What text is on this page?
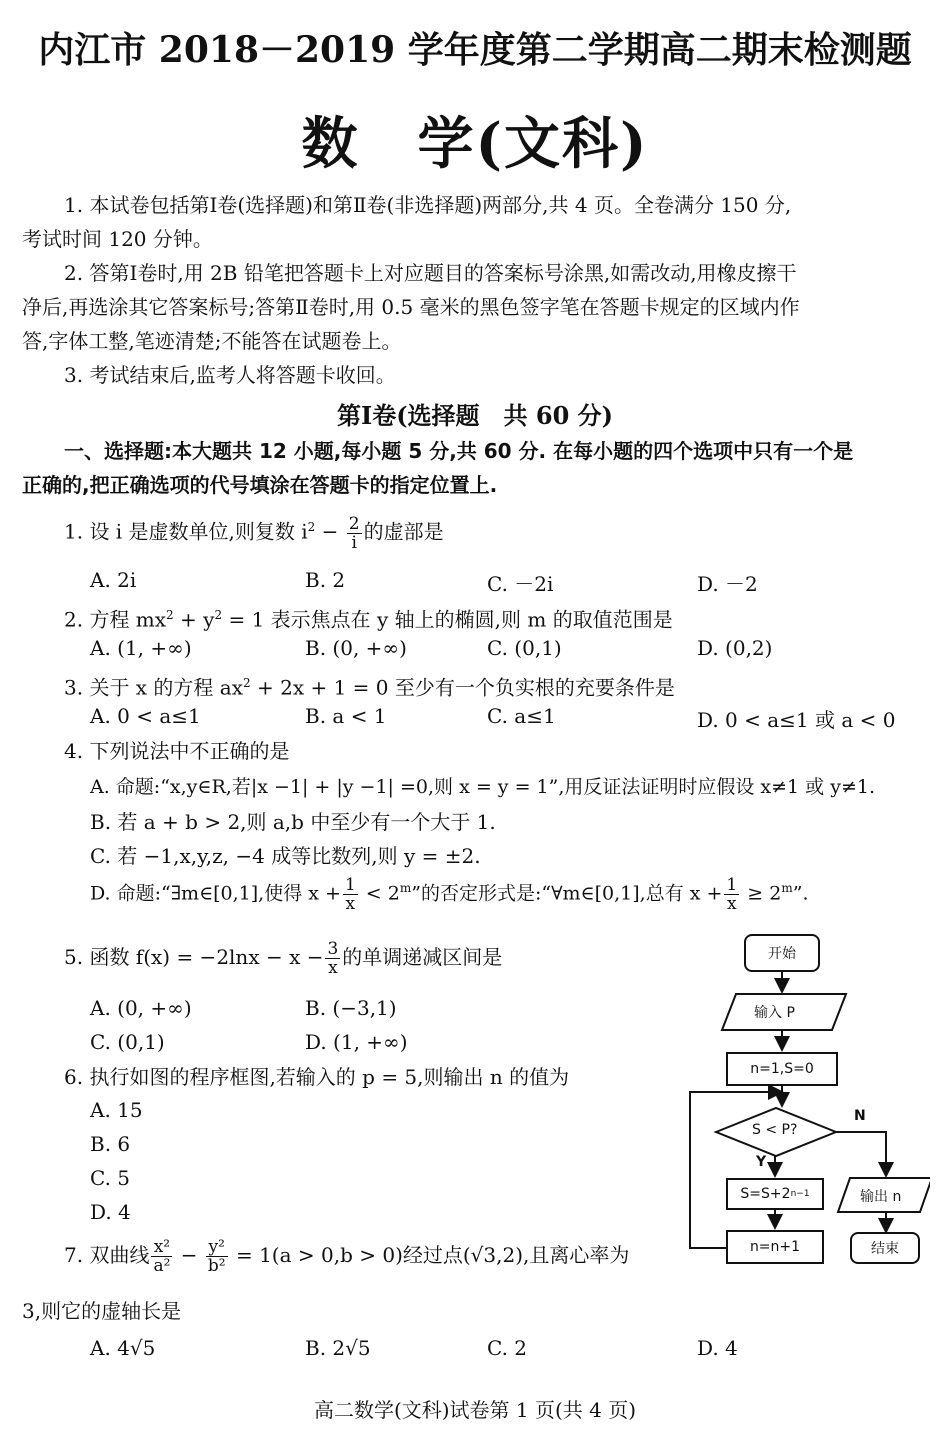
内江市 2018－2019 学年度第二学期高二期末检测题
数　学(文科)
1. 本试卷包括第Ⅰ卷(选择题)和第Ⅱ卷(非选择题)两部分,共 4 页。全卷满分 150 分,
考试时间 120 分钟。
2. 答第Ⅰ卷时,用 2B 铅笔把答题卡上对应题目的答案标号涂黑,如需改动,用橡皮擦干
净后,再选涂其它答案标号;答第Ⅱ卷时,用 0.5 毫米的黑色签字笔在答题卡规定的区域内作
答,字体工整,笔迹清楚;不能答在试题卷上。
3. 考试结束后,监考人将答题卡收回。
第Ⅰ卷(选择题　共 60 分)
一、选择题:本大题共 12 小题,每小题 5 分,共 60 分. 在每小题的四个选项中只有一个是
正确的,把正确选项的代号填涂在答题卡的指定位置上.
1. 设 i 是虚数单位,则复数 $i^2 - \frac{2}{i}$ 的虚部是
A. 2i	B. 2	C. －2i	D. －2
2. 方程 $mx^2 + y^2 = 1$ 表示焦点在 y 轴上的椭圆,则 m 的取值范围是
A. (1, +∞)	B. (0, +∞)	C. (0,1)	D. (0,2)
3. 关于 x 的方程 $ax^2 + 2x + 1 = 0$ 至少有一个负实根的充要条件是
A. 0 < a≤1	B. a < 1	C. a≤1	D. 0 < a≤1 或 a < 0
4. 下列说法中不正确的是
A. 命题:“x,y∈R,若|x −1| + |y −1| =0,则 x = y = 1”,用反证法证明时应假设 x≠1 或 y≠1.
B. 若 a + b > 2,则 a,b 中至少有一个大于 1.
C. 若 −1,x,y,z, −4 成等比数列,则 y = ±2.
D. 命题:“∃m∈[0,1],使得 $x + \frac{1}{x} < 2^m$”的否定形式是:“∀m∈[0,1],总有 $x + \frac{1}{x} \ge 2^m$”.
5. 函数 $f(x) = -2\ln x - x - \frac{3}{x}$ 的单调递减区间是
A. (0, +∞)	B. (−3,1)
C. (0,1)	D. (1, +∞)
6. 执行如图的程序框图,若输入的 p = 5,则输出 n 的值为
A. 15
B. 6
C. 5
D. 4
开始
输入 P
n=1,S=0
S < P?
Y
N
S=S+2 n−1
n=n+1
输出 n
结束
7. 双曲线 $\frac{\text{x²}}{\text{a²}} - \frac{\text{y²}}{\text{b²}} = 1(a > 0,b > 0)$经过点(√3,2),且离心率为
3,则它的虚轴长是
A. 4√5	B. 2√5	C. 2	D. 4
高二数学(文科)试卷第 1 页(共 4 页)
